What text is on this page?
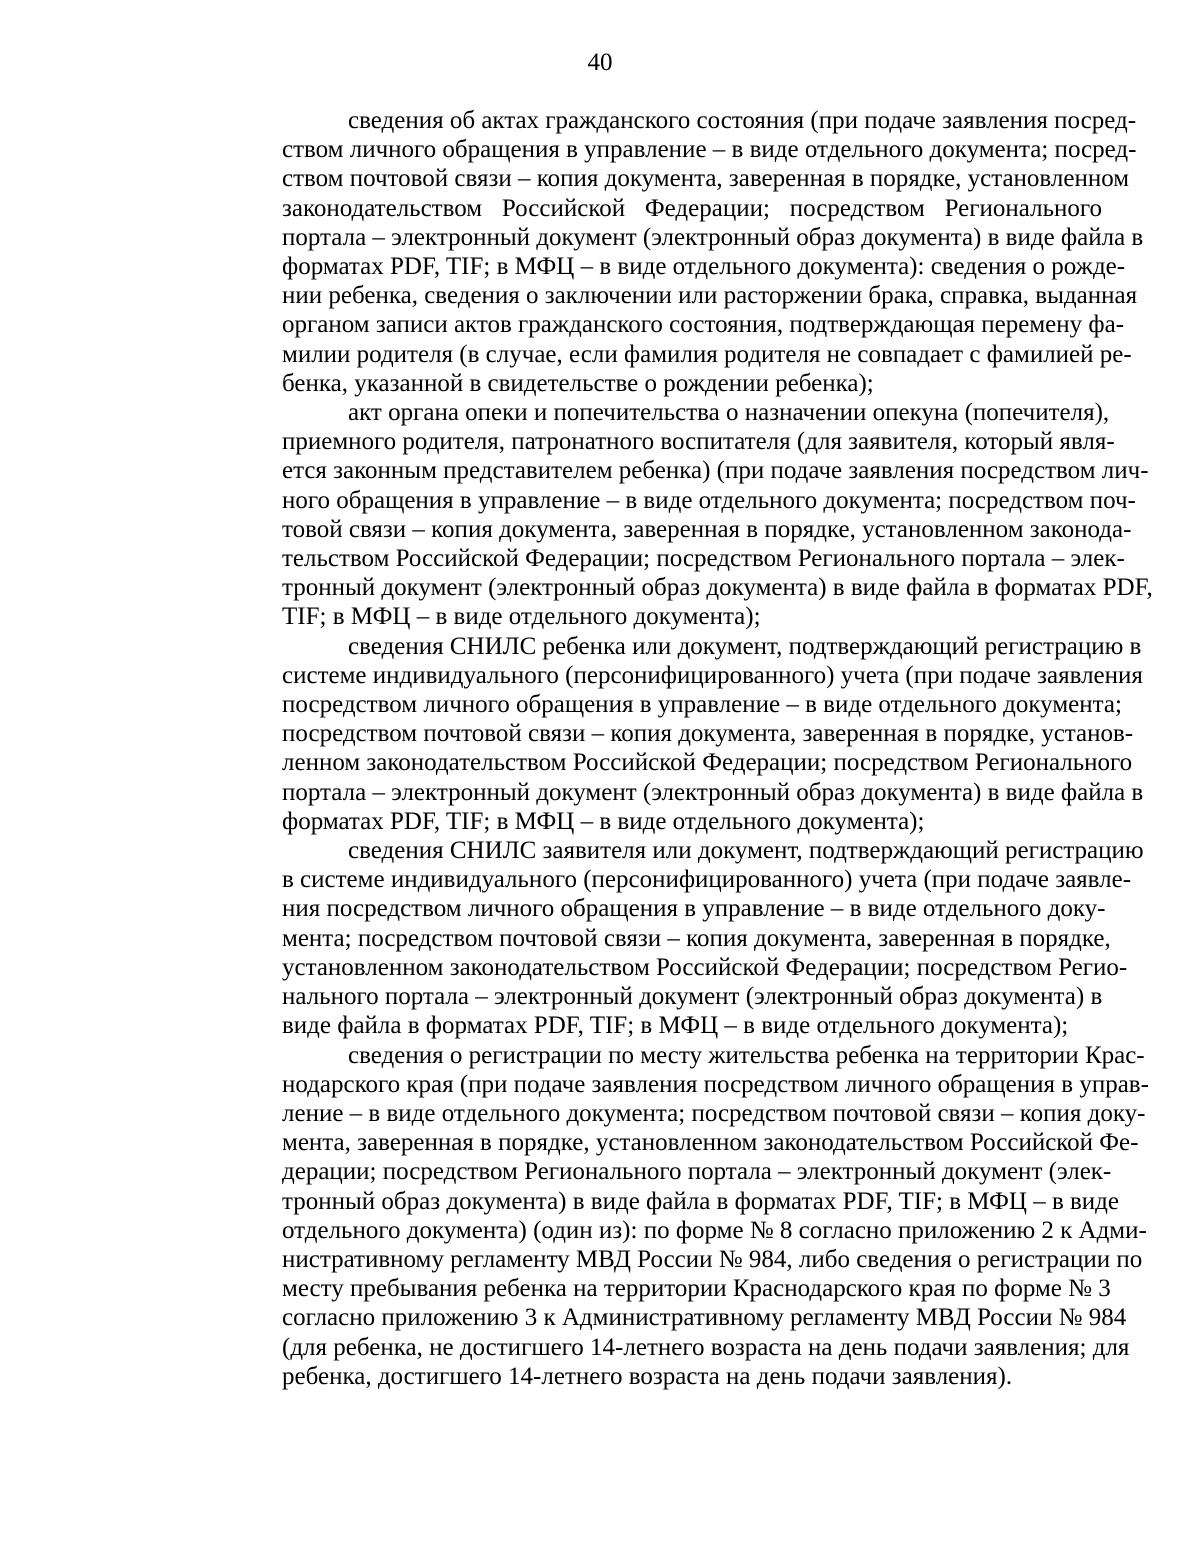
40
сведения об актах гражданского состояния (при подаче заявления посред-
ством личного обращения в управление – в виде отдельного документа; посред-
ством почтовой связи – копия документа, заверенная в порядке, установленном
законодательством Российской Федерации; посредством Регионального
портала – электронный документ (электронный образ документа) в виде файла в
форматах PDF, TIF; в МФЦ – в виде отдельного документа): сведения о рожде-
нии ребенка, сведения о заключении или расторжении брака, справка, выданная
органом записи актов гражданского состояния, подтверждающая перемену фа-
милии родителя (в случае, если фамилия родителя не совпадает с фамилией ре-
бенка, указанной в свидетельстве о рождении ребенка);
акт органа опеки и попечительства о назначении опекуна (попечителя),
приемного родителя, патронатного воспитателя (для заявителя, который явля-
ется законным представителем ребенка) (при подаче заявления посредством лич-
ного обращения в управление – в виде отдельного документа; посредством поч-
товой связи – копия документа, заверенная в порядке, установленном законода-
тельством Российской Федерации; посредством Регионального портала – элек-
тронный документ (электронный образ документа) в виде файла в форматах PDF,
TIF; в МФЦ – в виде отдельного документа);
сведения СНИЛС ребенка или документ, подтверждающий регистрацию в
системе индивидуального (персонифицированного) учета (при подаче заявления
посредством личного обращения в управление – в виде отдельного документа;
посредством почтовой связи – копия документа, заверенная в порядке, установ-
ленном законодательством Российской Федерации; посредством Регионального
портала – электронный документ (электронный образ документа) в виде файла в
форматах PDF, TIF; в МФЦ – в виде отдельного документа);
сведения СНИЛС заявителя или документ, подтверждающий регистрацию
в системе индивидуального (персонифицированного) учета (при подаче заявле-
ния посредством личного обращения в управление – в виде отдельного доку-
мента; посредством почтовой связи – копия документа, заверенная в порядке,
установленном законодательством Российской Федерации; посредством Регио-
нального портала – электронный документ (электронный образ документа) в
виде файла в форматах PDF, TIF; в МФЦ – в виде отдельного документа);
сведения о регистрации по месту жительства ребенка на территории Крас-
нодарского края (при подаче заявления посредством личного обращения в управ-
ление – в виде отдельного документа; посредством почтовой связи – копия доку-
мента, заверенная в порядке, установленном законодательством Российской Фе-
дерации; посредством Регионального портала – электронный документ (элек-
тронный образ документа) в виде файла в форматах PDF, TIF; в МФЦ – в виде
отдельного документа) (один из): по форме № 8 согласно приложению 2 к Адми-
нистративному регламенту МВД России № 984, либо сведения о регистрации по
месту пребывания ребенка на территории Краснодарского края по форме № 3
согласно приложению 3 к Административному регламенту МВД России № 984
(для ребенка, не достигшего 14-летнего возраста на день подачи заявления; для
ребенка, достигшего 14-летнего возраста на день подачи заявления).
